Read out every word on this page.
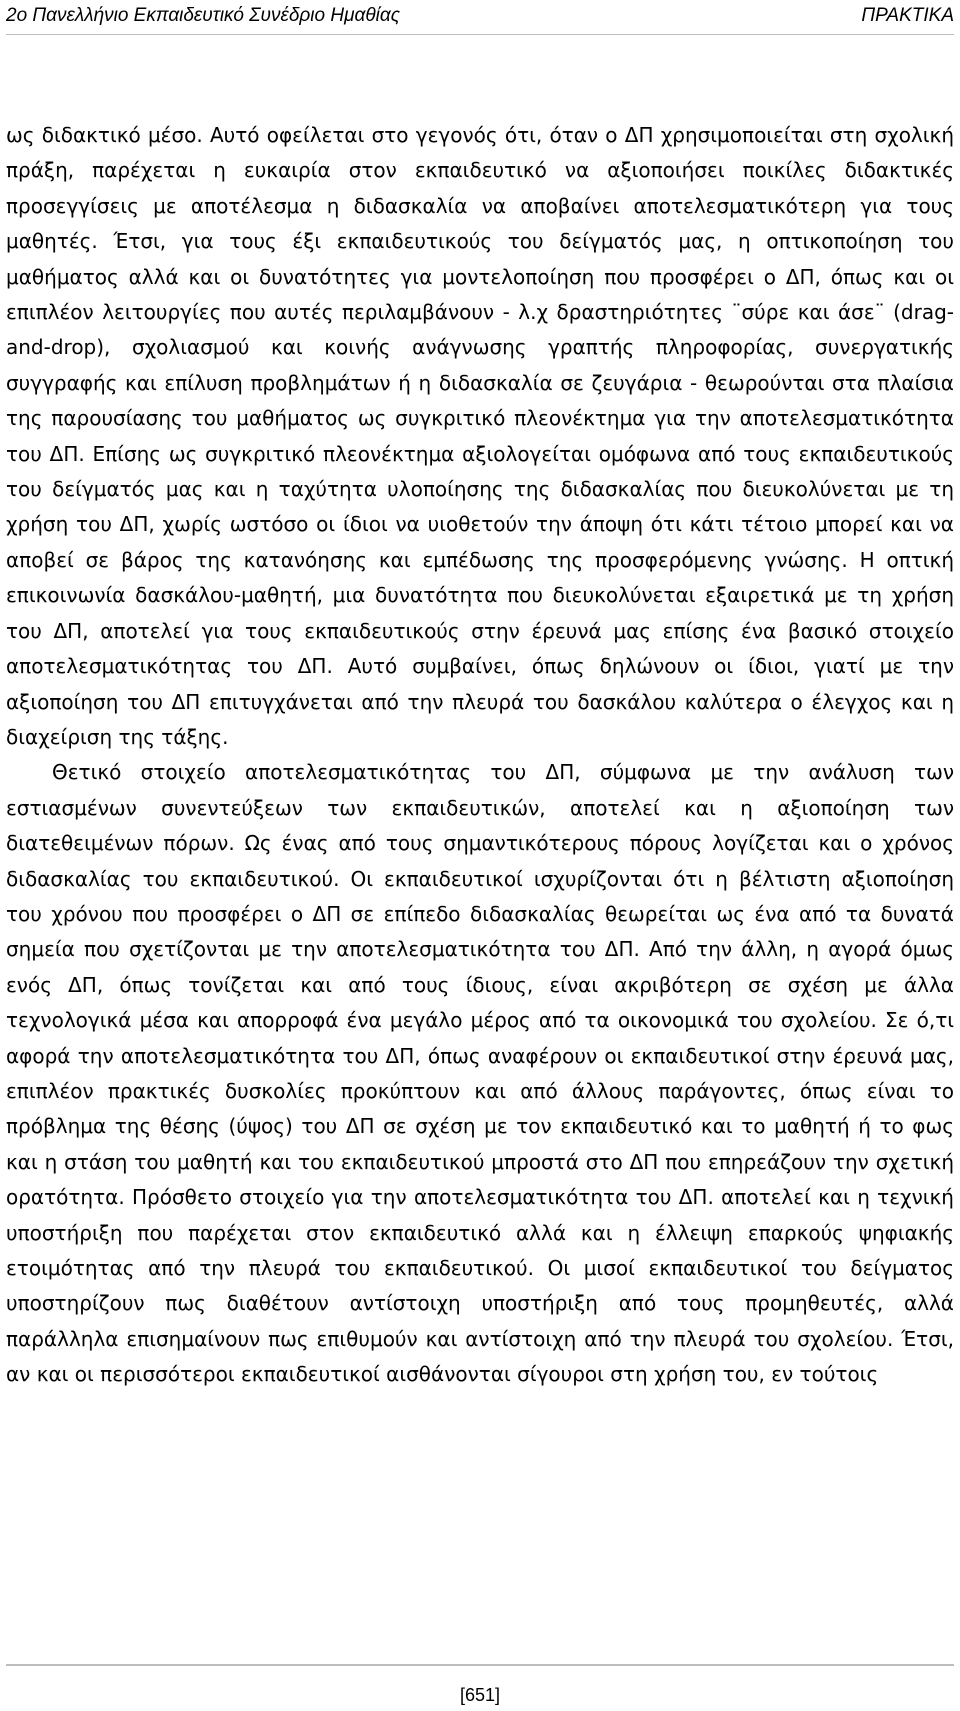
2ο Πανελλήνιο Εκπαιδευτικό Συνέδριο Ημαθίας	ΠΡΑΚΤΙΚΑ

ως διδακτικό μέσο. Αυτό οφείλεται στο γεγονός ότι, όταν ο ΔΠ χρησιμοποιείται στη σχολική πράξη, παρέχεται η ευκαιρία στον εκπαιδευτικό να αξιοποιήσει ποικίλες διδακτικές προσεγγίσεις με αποτέλεσμα η διδασκαλία να αποβαίνει αποτελεσματικότερη για τους μαθητές. Έτσι, για τους έξι εκπαιδευτικούς του δείγματός μας, η οπτικοποίηση του μαθήματος αλλά και οι δυνατότητες για μοντελοποίηση που προσφέρει ο ΔΠ, όπως και οι επιπλέον λειτουργίες που αυτές περιλαμβάνουν - λ.χ δραστηριότητες ¨σύρε και άσε¨ (drag-and-drop), σχολιασμού και κοινής ανάγνωσης γραπτής πληροφορίας, συνεργατικής συγγραφής και επίλυση προβλημάτων ή η διδασκαλία σε ζευγάρια - θεωρούνται στα πλαίσια της παρουσίασης του μαθήματος ως συγκριτικό πλεονέκτημα για την αποτελεσματικότητα του ΔΠ. Επίσης ως συγκριτικό πλεονέκτημα αξιολογείται ομόφωνα από τους εκπαιδευτικούς του δείγματός μας και η ταχύτητα υλοποίησης της διδασκαλίας που διευκολύνεται με τη χρήση του ΔΠ, χωρίς ωστόσο οι ίδιοι να υιοθετούν την άποψη ότι κάτι τέτοιο μπορεί και να αποβεί σε βάρος της κατανόησης και εμπέδωσης της προσφερόμενης γνώσης. Η οπτική επικοινωνία δασκάλου-μαθητή, μια δυνατότητα που διευκολύνεται εξαιρετικά με τη χρήση του ΔΠ, αποτελεί για τους εκπαιδευτικούς στην έρευνά μας επίσης ένα βασικό στοιχείο αποτελεσματικότητας του ΔΠ. Αυτό συμβαίνει, όπως δηλώνουν οι ίδιοι, γιατί με την αξιοποίηση του ΔΠ επιτυγχάνεται από την πλευρά του δασκάλου καλύτερα ο έλεγχος και η διαχείριση της τάξης.

Θετικό στοιχείο αποτελεσματικότητας του ΔΠ, σύμφωνα με την ανάλυση των εστιασμένων συνεντεύξεων των εκπαιδευτικών, αποτελεί και η αξιοποίηση των διατεθειμένων πόρων. Ως ένας από τους σημαντικότερους πόρους λογίζεται και ο χρόνος διδασκαλίας του εκπαιδευτικού. Οι εκπαιδευτικοί ισχυρίζονται ότι η βέλτιστη αξιοποίηση του χρόνου που προσφέρει ο ΔΠ σε επίπεδο διδασκαλίας θεωρείται ως ένα από τα δυνατά σημεία που σχετίζονται με την αποτελεσματικότητα του ΔΠ. Από την άλλη, η αγορά όμως ενός ΔΠ, όπως τονίζεται και από τους ίδιους, είναι ακριβότερη σε σχέση με άλλα τεχνολογικά μέσα και απορροφά ένα μεγάλο μέρος από τα οικονομικά του σχολείου. Σε ό,τι αφορά την αποτελεσματικότητα του ΔΠ, όπως αναφέρουν οι εκπαιδευτικοί στην έρευνά μας, επιπλέον πρακτικές δυσκολίες προκύπτουν και από άλλους παράγοντες, όπως είναι το πρόβλημα της θέσης (ύψος) του ΔΠ σε σχέση με τον εκπαιδευτικό και το μαθητή ή το φως και η στάση του μαθητή και του εκπαιδευτικού μπροστά στο ΔΠ που επηρεάζουν την σχετική ορατότητα. Πρόσθετο στοιχείο για την αποτελεσματικότητα του ΔΠ. αποτελεί και η τεχνική υποστήριξη που παρέχεται στον εκπαιδευτικό αλλά και η έλλειψη επαρκούς ψηφιακής ετοιμότητας από την πλευρά του εκπαιδευτικού. Οι μισοί εκπαιδευτικοί του δείγματος υποστηρίζουν πως διαθέτουν αντίστοιχη υποστήριξη από τους προμηθευτές, αλλά παράλληλα επισημαίνουν πως επιθυμούν και αντίστοιχη από την πλευρά του σχολείου. Έτσι, αν και οι περισσότεροι εκπαιδευτικοί αισθάνονται σίγουροι στη χρήση του, εν τούτοις

[651]
